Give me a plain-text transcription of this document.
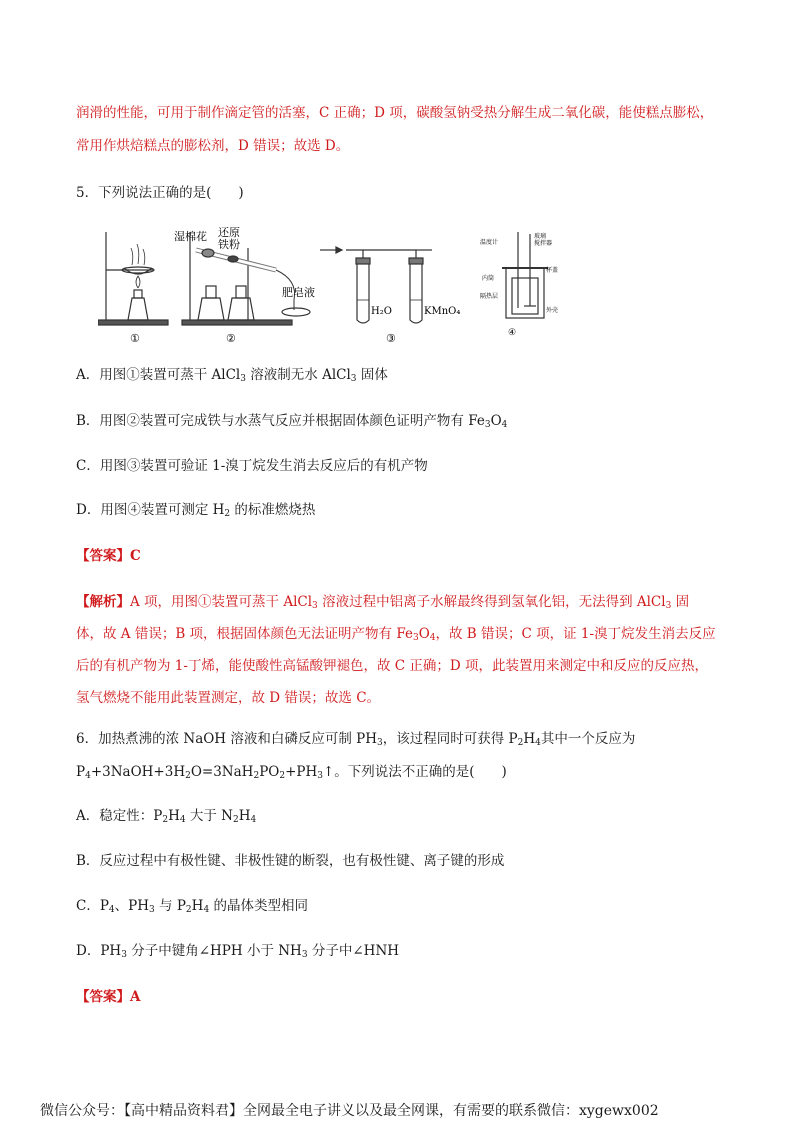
润滑的性能，可用于制作滴定管的活塞，C 正确；D 项，碳酸氢钠受热分解生成二氧化碳，能使糕点膨松，
常用作烘焙糕点的膨松剂，D 错误；故选 D。
5．下列说法正确的是(　　)
①	②
湿棉花 还原
铁粉
肥皂液
③
H₂O	KMnO₄
④
温度计
玻璃
搅拌器
杯盖
内筒
隔热层
外壳
A．用图①装置可蒸干 AlCl$_3$ 溶液制无水 AlCl$_3$ 固体
B．用图②装置可完成铁与水蒸气反应并根据固体颜色证明产物有 $Fe_3O_4$
C．用图③装置可验证 1-溴丁烷发生消去反应后的有机产物
D．用图④装置可测定 $H_2$ 的标准燃烧热
【答案】C
【解析】A 项，用图①装置可蒸干 AlCl$_3$ 溶液过程中铝离子水解最终得到氢氧化铝，无法得到 AlCl$_3$ 固
体，故 A 错误；B 项，根据固体颜色无法证明产物有 $Fe_3O_4$，故 B 错误；C 项，证 1-溴丁烷发生消去反应
后的有机产物为 1-丁烯，能使酸性高锰酸钾褪色，故 C 正确；D 项，此装置用来测定中和反应的反应热，
氢气燃烧不能用此装置测定，故 D 错误；故选 C。
6．加热煮沸的浓 NaOH 溶液和白磷反应可制 $PH_3$，该过程同时可获得 $P_2H_4$其中一个反应为
$P_4+3NaOH+3H_2O=3NaH_2PO_2+PH_3↑$。下列说法不正确的是(　　)
A．稳定性：$P_2H_4$ 大于 $N_2H_4$
B．反应过程中有极性键、非极性键的断裂，也有极性键、离子键的形成
C．$P_4$、$PH_3$ 与 $P_2H_4$ 的晶体类型相同
D．$PH_3$ 分子中键角∠HPH 小于 $NH_3$ 分子中∠HNH
【答案】A
微信公众号：【高中精品资料君】全网最全电子讲义以及最全网课，有需要的联系微信：xygewx002
